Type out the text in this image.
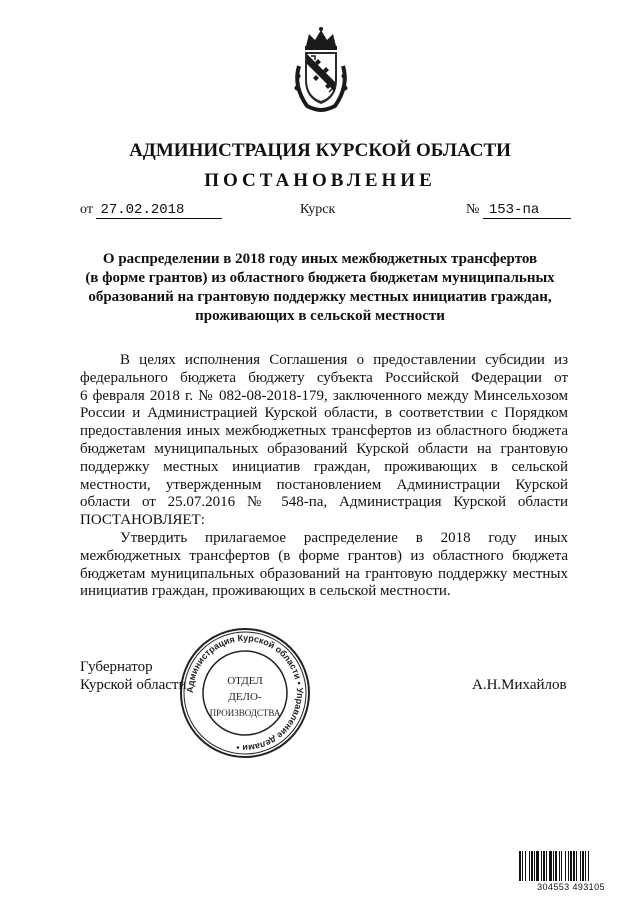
АДМИНИСТРАЦИЯ КУРСКОЙ ОБЛАСТИ
ПОСТАНОВЛЕНИЕ
от 27.02.2018	Курск	№ 153-па
О распределении в 2018 году иных межбюджетных трансфертов
(в форме грантов) из областного бюджета бюджетам муниципальных
образований на грантовую поддержку местных инициатив граждан,
проживающих в сельской местности
В целях исполнения Соглашения о предоставлении субсидии из
федерального бюджета бюджету субъекта Российской Федерации от
6 февраля 2018 г. № 082-08-2018-179, заключенного между Минсельхозом
России и Администрацией Курской области, в соответствии с Порядком
предоставления иных межбюджетных трансфертов из областного бюджета
бюджетам муниципальных образований Курской области на грантовую
поддержку местных инициатив граждан, проживающих в сельской
местности, утвержденным постановлением Администрации Курской
области от 25.07.2016 № 548-па, Администрация Курской области
ПОСТАНОВЛЯЕТ:
Утвердить прилагаемое распределение в 2018 году иных
межбюджетных трансфертов (в форме грантов) из областного бюджета
бюджетам муниципальных образований на грантовую поддержку местных
инициатив граждан, проживающих в сельской местности.
Губернатор
Курской области	А.Н.Михайлов
Администрация Курской области • Управление делами •
ОТДЕЛ
ДЕЛО-
ПРОИЗВОДСТВА
304553 493105
